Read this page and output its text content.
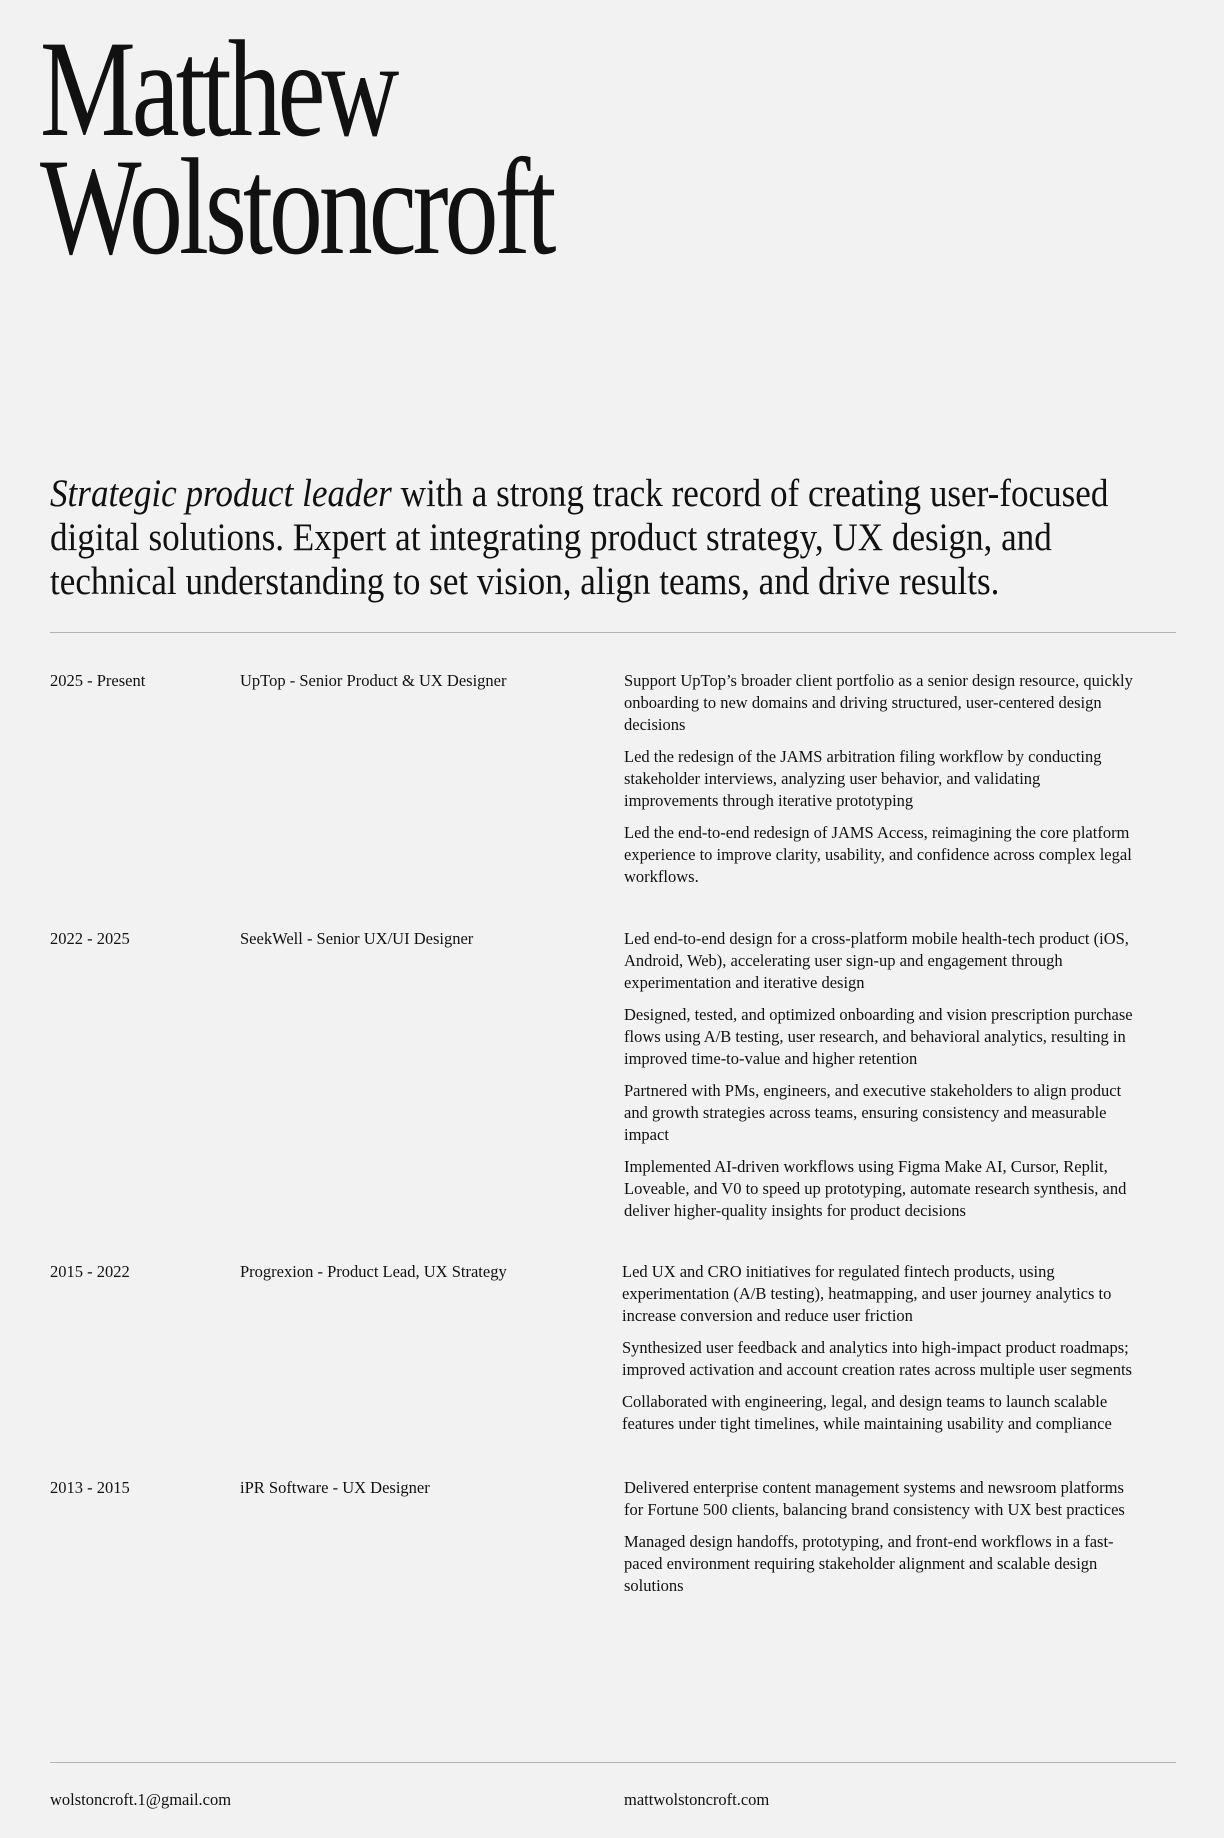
Matthew
Wolstoncroft

Strategic product leader with a strong track record of creating user-focused digital solutions. Expert at integrating product strategy, UX design, and technical understanding to set vision, align teams, and drive results.

2025 - Present	UpTop - Senior Product & UX Designer	Support UpTop’s broader client portfolio as a senior design resource, quickly onboarding to new domains and driving structured, user-centered design decisions
Led the redesign of the JAMS arbitration filing workflow by conducting stakeholder interviews, analyzing user behavior, and validating improvements through iterative prototyping
Led the end-to-end redesign of JAMS Access, reimagining the core platform experience to improve clarity, usability, and confidence across complex legal workflows.
2022 - 2025	SeekWell - Senior UX/UI Designer	Led end-to-end design for a cross-platform mobile health-tech product (iOS, Android, Web), accelerating user sign-up and engagement through experimentation and iterative design
Designed, tested, and optimized onboarding and vision prescription purchase flows using A/B testing, user research, and behavioral analytics, resulting in improved time-to-value and higher retention
Partnered with PMs, engineers, and executive stakeholders to align product and growth strategies across teams, ensuring consistency and measurable impact
Implemented AI-driven workflows using Figma Make AI, Cursor, Replit, Loveable, and V0 to speed up prototyping, automate research synthesis, and deliver higher-quality insights for product decisions
2015 - 2022	Progrexion - Product Lead, UX Strategy	Led UX and CRO initiatives for regulated fintech products, using experimentation (A/B testing), heatmapping, and user journey analytics to increase conversion and reduce user friction
Synthesized user feedback and analytics into high-impact product roadmaps; improved activation and account creation rates across multiple user segments
Collaborated with engineering, legal, and design teams to launch scalable features under tight timelines, while maintaining usability and compliance
2013 - 2015	iPR Software - UX Designer	Delivered enterprise content management systems and newsroom platforms for Fortune 500 clients, balancing brand consistency with UX best practices
Managed design handoffs, prototyping, and front-end workflows in a fast-paced environment requiring stakeholder alignment and scalable design solutions
wolstoncroft.1@gmail.com	mattwolstoncroft.com
